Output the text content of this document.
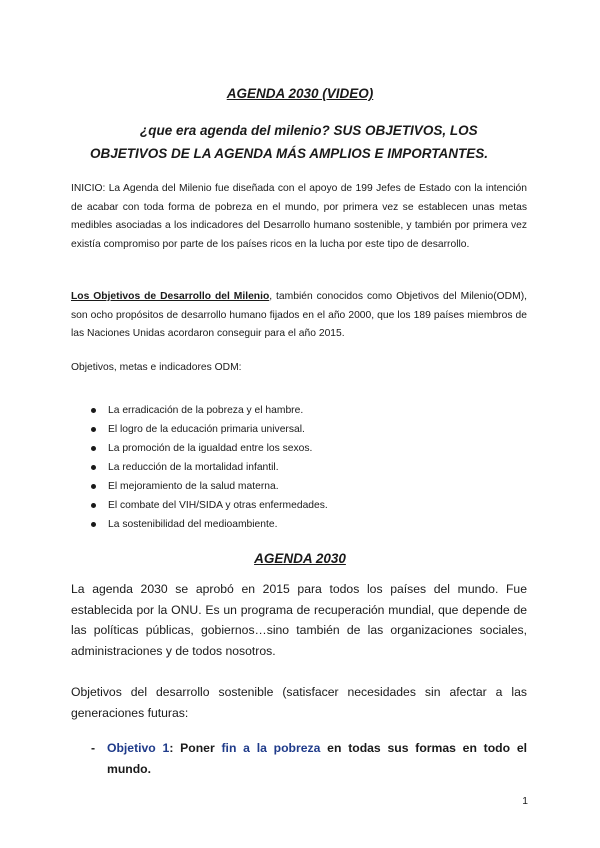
AGENDA 2030 (VIDEO)
¿que era agenda del milenio? SUS OBJETIVOS, LOS
OBJETIVOS DE LA AGENDA MÁS AMPLIOS E IMPORTANTES.
INICIO: La Agenda del Milenio fue diseñada con el apoyo de 199 Jefes de Estado con la intención de acabar con toda forma de pobreza en el mundo, por primera vez se establecen unas metas medibles asociadas a los indicadores del Desarrollo humano sostenible, y también por primera vez existía compromiso por parte de los países ricos en la lucha por este tipo de desarrollo.
Los Objetivos de Desarrollo del Milenio, también conocidos como Objetivos del Milenio(ODM), son ocho propósitos de desarrollo humano fijados en el año 2000, que los 189 países miembros de las Naciones Unidas acordaron conseguir para el año 2015.
Objetivos, metas e indicadores ODM:
La erradicación de la pobreza y el hambre.
El logro de la educación primaria universal.
La promoción de la igualdad entre los sexos.
La reducción de la mortalidad infantil.
El mejoramiento de la salud materna.
El combate del VIH/SIDA y otras enfermedades.
La sostenibilidad del medioambiente.
AGENDA 2030
La agenda 2030 se aprobó en 2015 para todos los países del mundo. Fue establecida por la ONU. Es un programa de recuperación mundial, que depende de las políticas públicas, gobiernos…sino también de las organizaciones sociales, administraciones y de todos nosotros.
Objetivos del desarrollo sostenible (satisfacer necesidades sin afectar a las generaciones futuras:
- Objetivo 1: Poner fin a la pobreza en todas sus formas en todo el mundo.
1
